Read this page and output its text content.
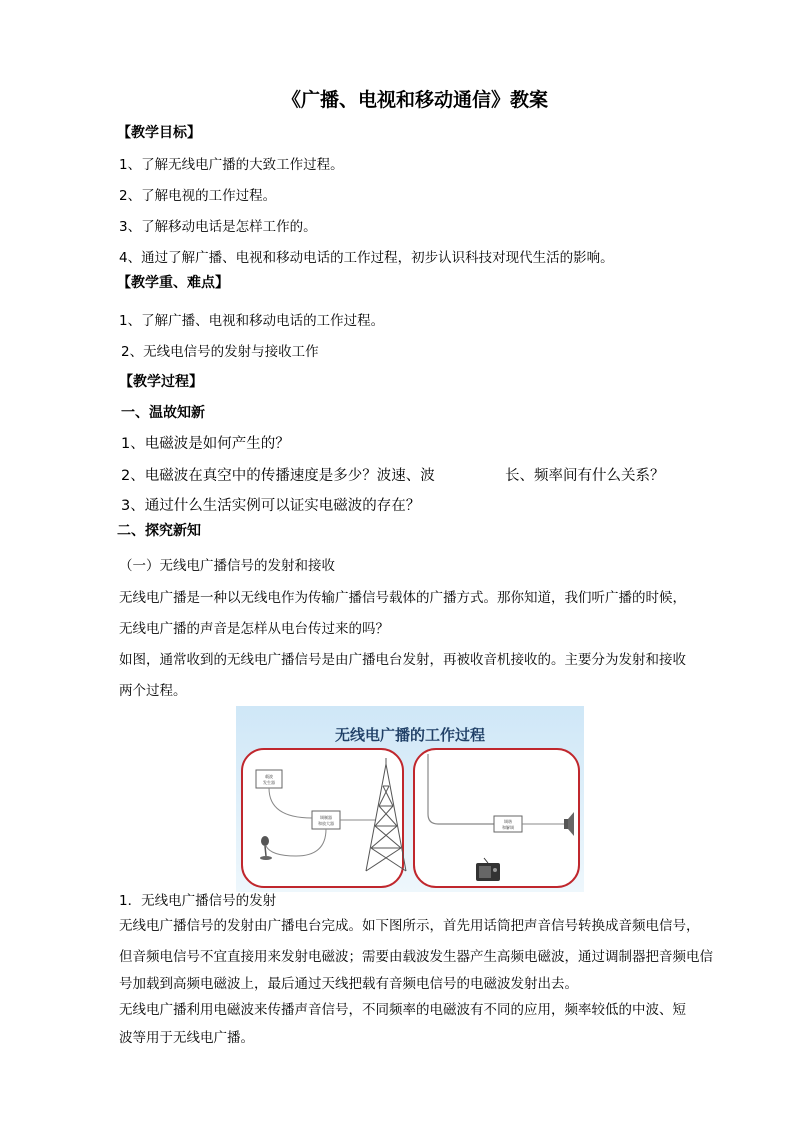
《广播、电视和移动通信》教案
【教学目标】
1、了解无线电广播的大致工作过程。
2、了解电视的工作过程。
3、了解移动电话是怎样工作的。
4、通过了解广播、电视和移动电话的工作过程，初步认识科技对现代生活的影响。
【教学重、难点】
1、了解广播、电视和移动电话的工作过程。
2、无线电信号的发射与接收工作
【教学过程】
一、温故知新
1、电磁波是如何产生的？
2、电磁波在真空中的传播速度是多少？波速、波	长、频率间有什么关系？
3、通过什么生活实例可以证实电磁波的存在？
二、探究新知
（一）无线电广播信号的发射和接收
无线电广播是一种以无线电作为传输广播信号载体的广播方式。那你知道，我们听广播的时候，
无线电广播的声音是怎样从电台传过来的吗？
如图，通常收到的无线电广播信号是由广播电台发射，再被收音机接收的。主要分为发射和接收
两个过程。
无线电广播的工作过程
载波
发生器
调制器
和放大器	调谐
和解调
1．无线电广播信号的发射
无线电广播信号的发射由广播电台完成。如下图所示，首先用话筒把声音信号转换成音频电信号，
但音频电信号不宜直接用来发射电磁波；需要由载波发生器产生高频电磁波，通过调制器把音频电信
号加载到高频电磁波上，最后通过天线把载有音频电信号的电磁波发射出去。
无线电广播利用电磁波来传播声音信号，不同频率的电磁波有不同的应用，频率较低的中波、短
波等用于无线电广播。
